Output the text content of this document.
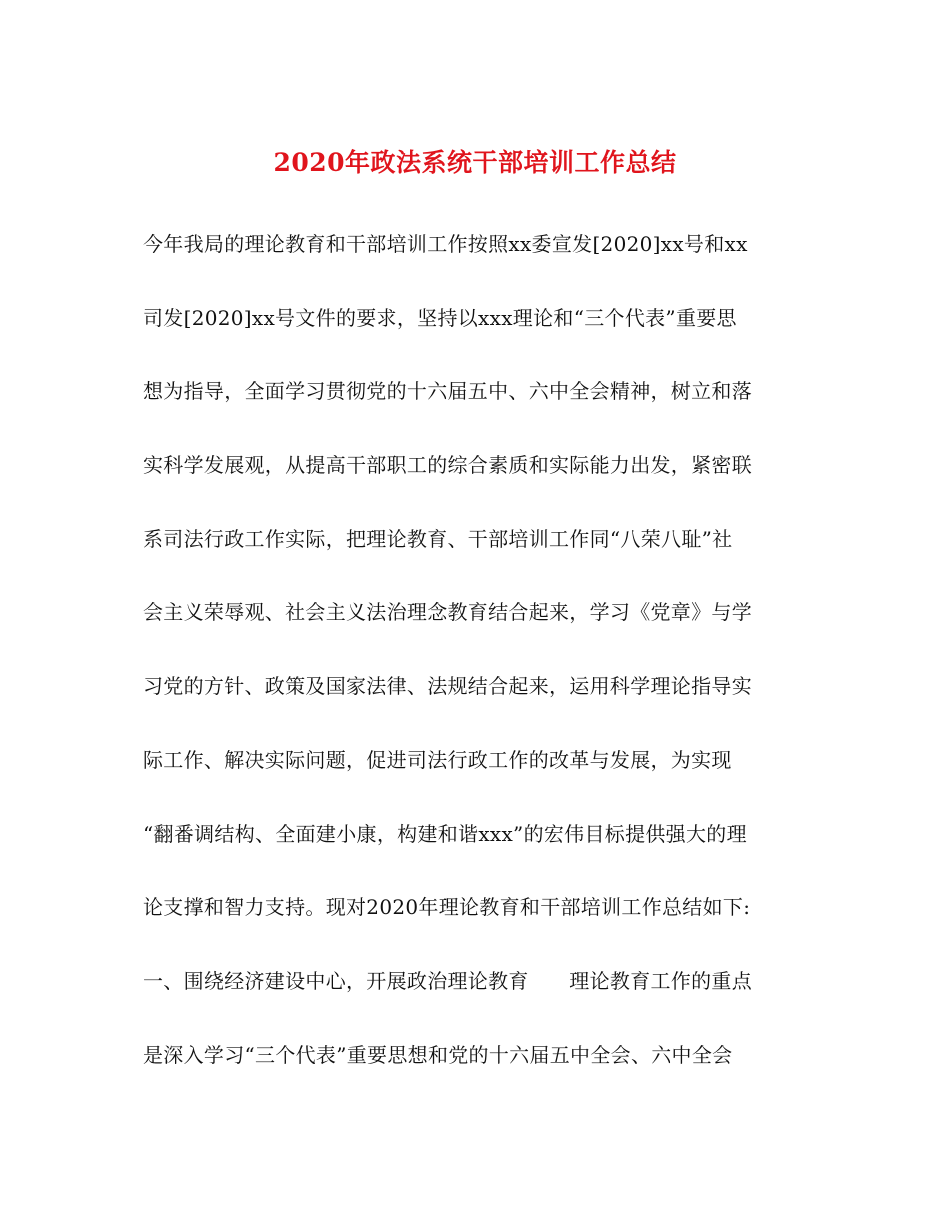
2020年政法系统干部培训工作总结
今年我局的理论教育和干部培训工作按照xx委宣发[2020]xx号和xx
司发[2020]xx号文件的要求，坚持以xxx理论和“三个代表”重要思
想为指导，全面学习贯彻党的十六届五中、六中全会精神，树立和落
实科学发展观，从提高干部职工的综合素质和实际能力出发，紧密联
系司法行政工作实际，把理论教育、干部培训工作同“八荣八耻”社
会主义荣辱观、社会主义法治理念教育结合起来，学习《党章》与学
习党的方针、政策及国家法律、法规结合起来，运用科学理论指导实
际工作、解决实际问题，促进司法行政工作的改革与发展，为实现
“翻番调结构、全面建小康，构建和谐xxx”的宏伟目标提供强大的理
论支撑和智力支持。现对2020年理论教育和干部培训工作总结如下:
一、围绕经济建设中心，开展政治理论教育　　理论教育工作的重点
是深入学习“三个代表”重要思想和党的十六届五中全会、六中全会
